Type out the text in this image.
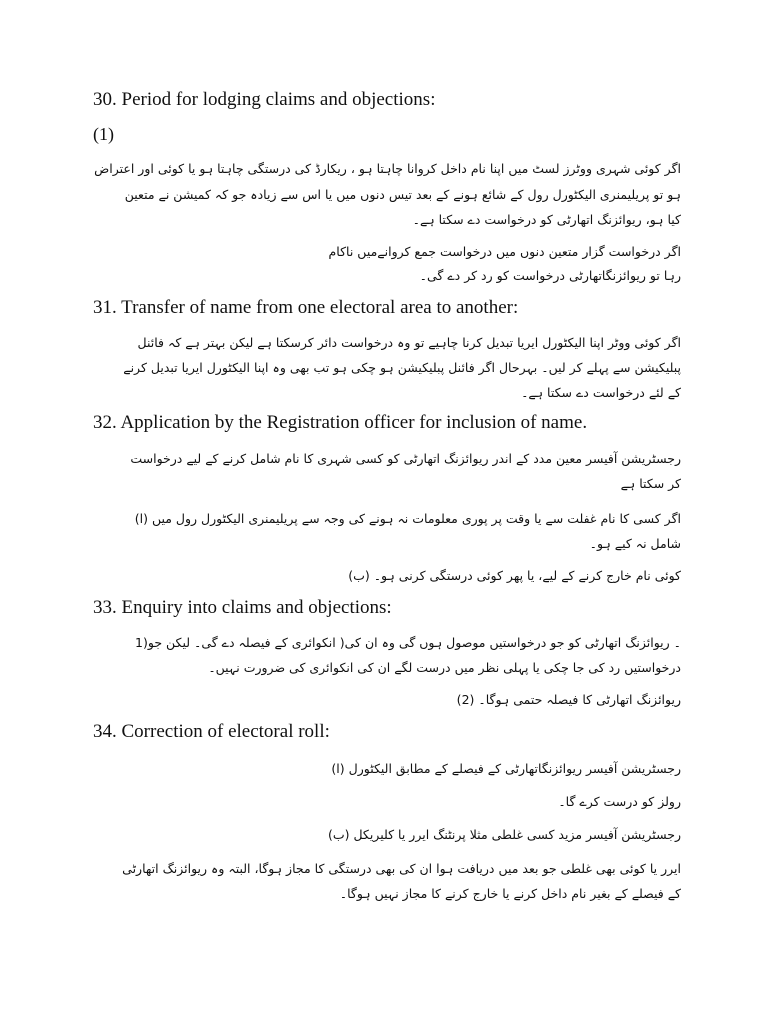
30. Period for lodging claims and objections:
(1)

اگر کوئی شہری ووٹرز لسٹ میں اپنا نام داخل کروانا چاہتا ہو ، ریکارڈ کی درستگی چاہتا ہو یا کوئی اور اعتراض

ہو تو پریلیمنری الیکٹورل رول کے شائع ہونے کے بعد تیس دنوں میں یا اس سے زیادہ جو کہ کمیشن نے متعین

کیا ہو، ریوائزنگ اتھارٹی کو درخواست دے سکتا ہے۔

اگر درخواست گزار متعین دنوں میں درخواست جمع کروانےمیں ناکام

رہا تو ریوائزنگاتھارٹی درخواست کو رد کر دے گی۔

31. Transfer of name from one electoral area to another:

اگر کوئی ووٹر اپنا الیکٹورل ایریا تبدیل کرنا چاہیے تو وہ درخواست دائر کرسکتا ہے لیکن بہتر ہے کہ فائنل

پبلیکیشن سے پہلے کر لیں۔ بہرحال اگر فائنل پبلیکیشن ہو چکی ہو تب بھی وہ اپنا الیکٹورل ایریا تبدیل کرنے

کے لئے درخواست دے سکتا ہے۔

32. Application by the Registration officer for inclusion of name.

رجسٹریشن آفیسر معین مدد کے اندر ریوائزنگ اتھارٹی کو کسی شہری کا نام شامل کرنے کے لیے درخواست

کر سکتا ہے

اگر کسی کا نام غفلت سے یا وقت پر پوری معلومات نہ ہونے کی وجہ سے پریلیمنری الیکٹورل رول میں (ا)

شامل نہ کیے ہو۔

کوئی نام خارج کرنے کے لیے، یا پھر کوئی درستگی کرنی ہو۔ (ب)

33. Enquiry into claims and objections:

۔ ریوائزنگ اتھارٹی کو جو درخواستیں موصول ہوں گی وہ ان کی( انکوائری کے فیصلہ دے گی۔ لیکن جو(1

درخواستیں رد کی جا چکی یا پہلی نظر میں درست لگے ان کی انکوائری کی ضرورت نہیں۔

ریوائزنگ اتھارٹی کا فیصلہ حتمی ہوگا۔ (2)

34. Correction of electoral roll:

رجسٹریشن آفیسر ریوائزنگاتھارٹی کے فیصلے کے مطابق الیکٹورل (ا)

رولز کو درست کرے گا۔

رجسٹریشن آفیسر مزید کسی غلطی مثلا پرنٹنگ ایرر یا کلیریکل (ب)

ایرر یا کوئی بھی غلطی جو بعد میں دریافت ہوا ان کی بھی درستگی کا مجاز ہوگا، البتہ وہ ریوائزنگ اتھارٹی

کے فیصلے کے بغیر نام داخل کرنے یا خارج کرنے کا مجاز نہیں ہوگا۔
